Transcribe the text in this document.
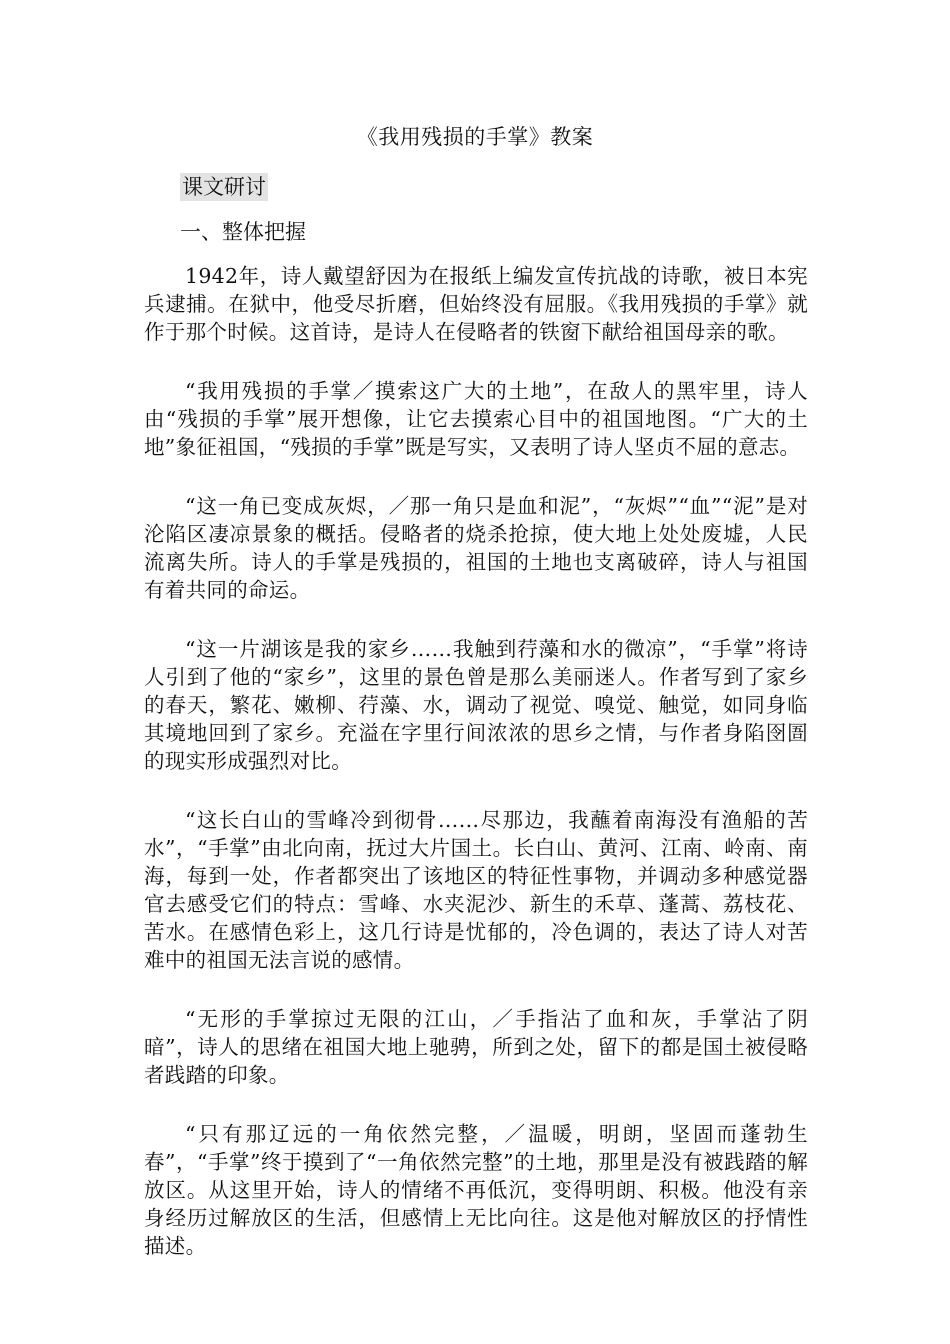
《我用残损的手掌》教案
课文研讨
一、整体把握

1942年，诗人戴望舒因为在报纸上编发宣传抗战的诗歌，被日本宪兵逮捕。在狱中，他受尽折磨，但始终没有屈服。《我用残损的手掌》就作于那个时候。这首诗，是诗人在侵略者的铁窗下献给祖国母亲的歌。

“我用残损的手掌／摸索这广大的土地”，在敌人的黑牢里，诗人由“残损的手掌”展开想像，让它去摸索心目中的祖国地图。“广大的土地”象征祖国，“残损的手掌”既是写实，又表明了诗人坚贞不屈的意志。

“这一角已变成灰烬，／那一角只是血和泥”，“灰烬”“血”“泥”是对沦陷区凄凉景象的概括。侵略者的烧杀抢掠，使大地上处处废墟，人民流离失所。诗人的手掌是残损的，祖国的土地也支离破碎，诗人与祖国有着共同的命运。

“这一片湖该是我的家乡……我触到荇藻和水的微凉”，“手掌”将诗人引到了他的“家乡”，这里的景色曾是那么美丽迷人。作者写到了家乡的春天，繁花、嫩柳、荇藻、水，调动了视觉、嗅觉、触觉，如同身临其境地回到了家乡。充溢在字里行间浓浓的思乡之情，与作者身陷囹圄的现实形成强烈对比。

“这长白山的雪峰冷到彻骨……尽那边，我蘸着南海没有渔船的苦水”，“手掌”由北向南，抚过大片国土。长白山、黄河、江南、岭南、南海，每到一处，作者都突出了该地区的特征性事物，并调动多种感觉器官去感受它们的特点：雪峰、水夹泥沙、新生的禾草、蓬蒿、荔枝花、苦水。在感情色彩上，这几行诗是忧郁的，冷色调的，表达了诗人对苦难中的祖国无法言说的感情。

“无形的手掌掠过无限的江山，／手指沾了血和灰，手掌沾了阴暗”，诗人的思绪在祖国大地上驰骋，所到之处，留下的都是国土被侵略者践踏的印象。

“只有那辽远的一角依然完整，／温暖，明朗，坚固而蓬勃生春”，“手掌”终于摸到了“一角依然完整”的土地，那里是没有被践踏的解放区。从这里开始，诗人的情绪不再低沉，变得明朗、积极。他没有亲身经历过解放区的生活，但感情上无比向往。这是他对解放区的抒情性描述。
